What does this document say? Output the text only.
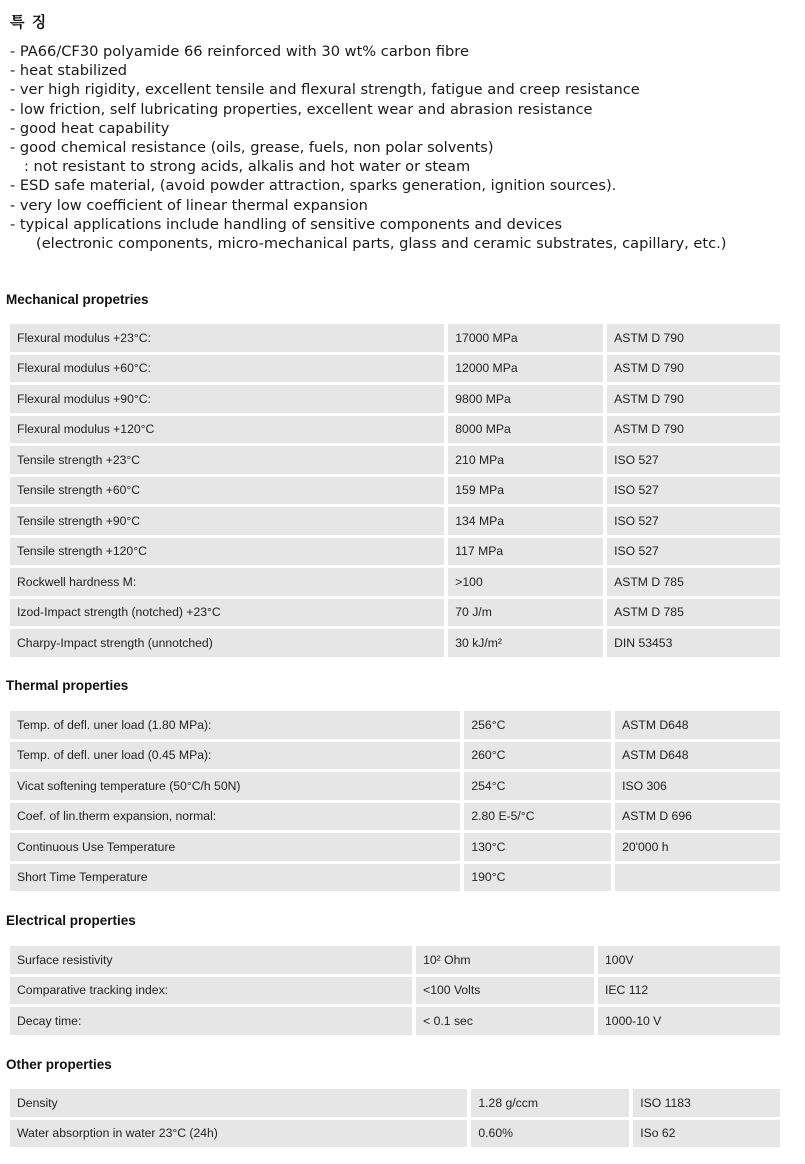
특 징
- PA66/CF30 polyamide 66 reinforced with 30 wt% carbon fibre
- heat stabilized
- ver high rigidity, excellent tensile and flexural strength, fatigue and creep resistance
- low friction, self lubricating properties, excellent wear and abrasion resistance
- good heat capability
- good chemical resistance (oils, grease, fuels, non polar solvents)
: not resistant to strong acids, alkalis and hot water or steam
- ESD safe material, (avoid powder attraction, sparks generation, ignition sources).
- very low coefficient of linear thermal expansion
- typical applications include handling of sensitive components and devices
(electronic components, micro-mechanical parts, glass and ceramic substrates, capillary, etc.)
Mechanical propetries
Flexural modulus +23°C:	17000 MPa	ASTM D 790
Flexural modulus +60°C:	12000 MPa	ASTM D 790
Flexural modulus +90°C:	9800 MPa	ASTM D 790
Flexural modulus +120°C	8000 MPa	ASTM D 790
Tensile strength +23°C	210 MPa	ISO 527
Tensile strength +60°C	159 MPa	ISO 527
Tensile strength +90°C	134 MPa	ISO 527
Tensile strength +120°C	117 MPa	ISO 527
Rockwell hardness M:	>100	ASTM D 785
Izod-Impact strength (notched) +23°C	70 J/m	ASTM D 785
Charpy-Impact strength (unnotched)	30 kJ/m²	DIN 53453
Thermal properties
Temp. of defl. uner load (1.80 MPa):	256°C	ASTM D648
Temp. of defl. uner load (0.45 MPa):	260°C	ASTM D648
Vicat softening temperature (50°C/h 50N)	254°C	ISO 306
Coef. of lin.therm expansion, normal:	2.80 E-5/°C	ASTM D 696
Continuous Use Temperature	130°C	20'000 h
Short Time Temperature	190°C	
Electrical properties
Surface resistivity	10² Ohm	100V
Comparative tracking index:	<100 Volts	IEC 112
Decay time:	< 0.1 sec	1000-10 V
Other properties
Density	1.28 g/ccm	ISO 1183
Water absorption in water 23°C (24h)	0.60%	ISo 62
